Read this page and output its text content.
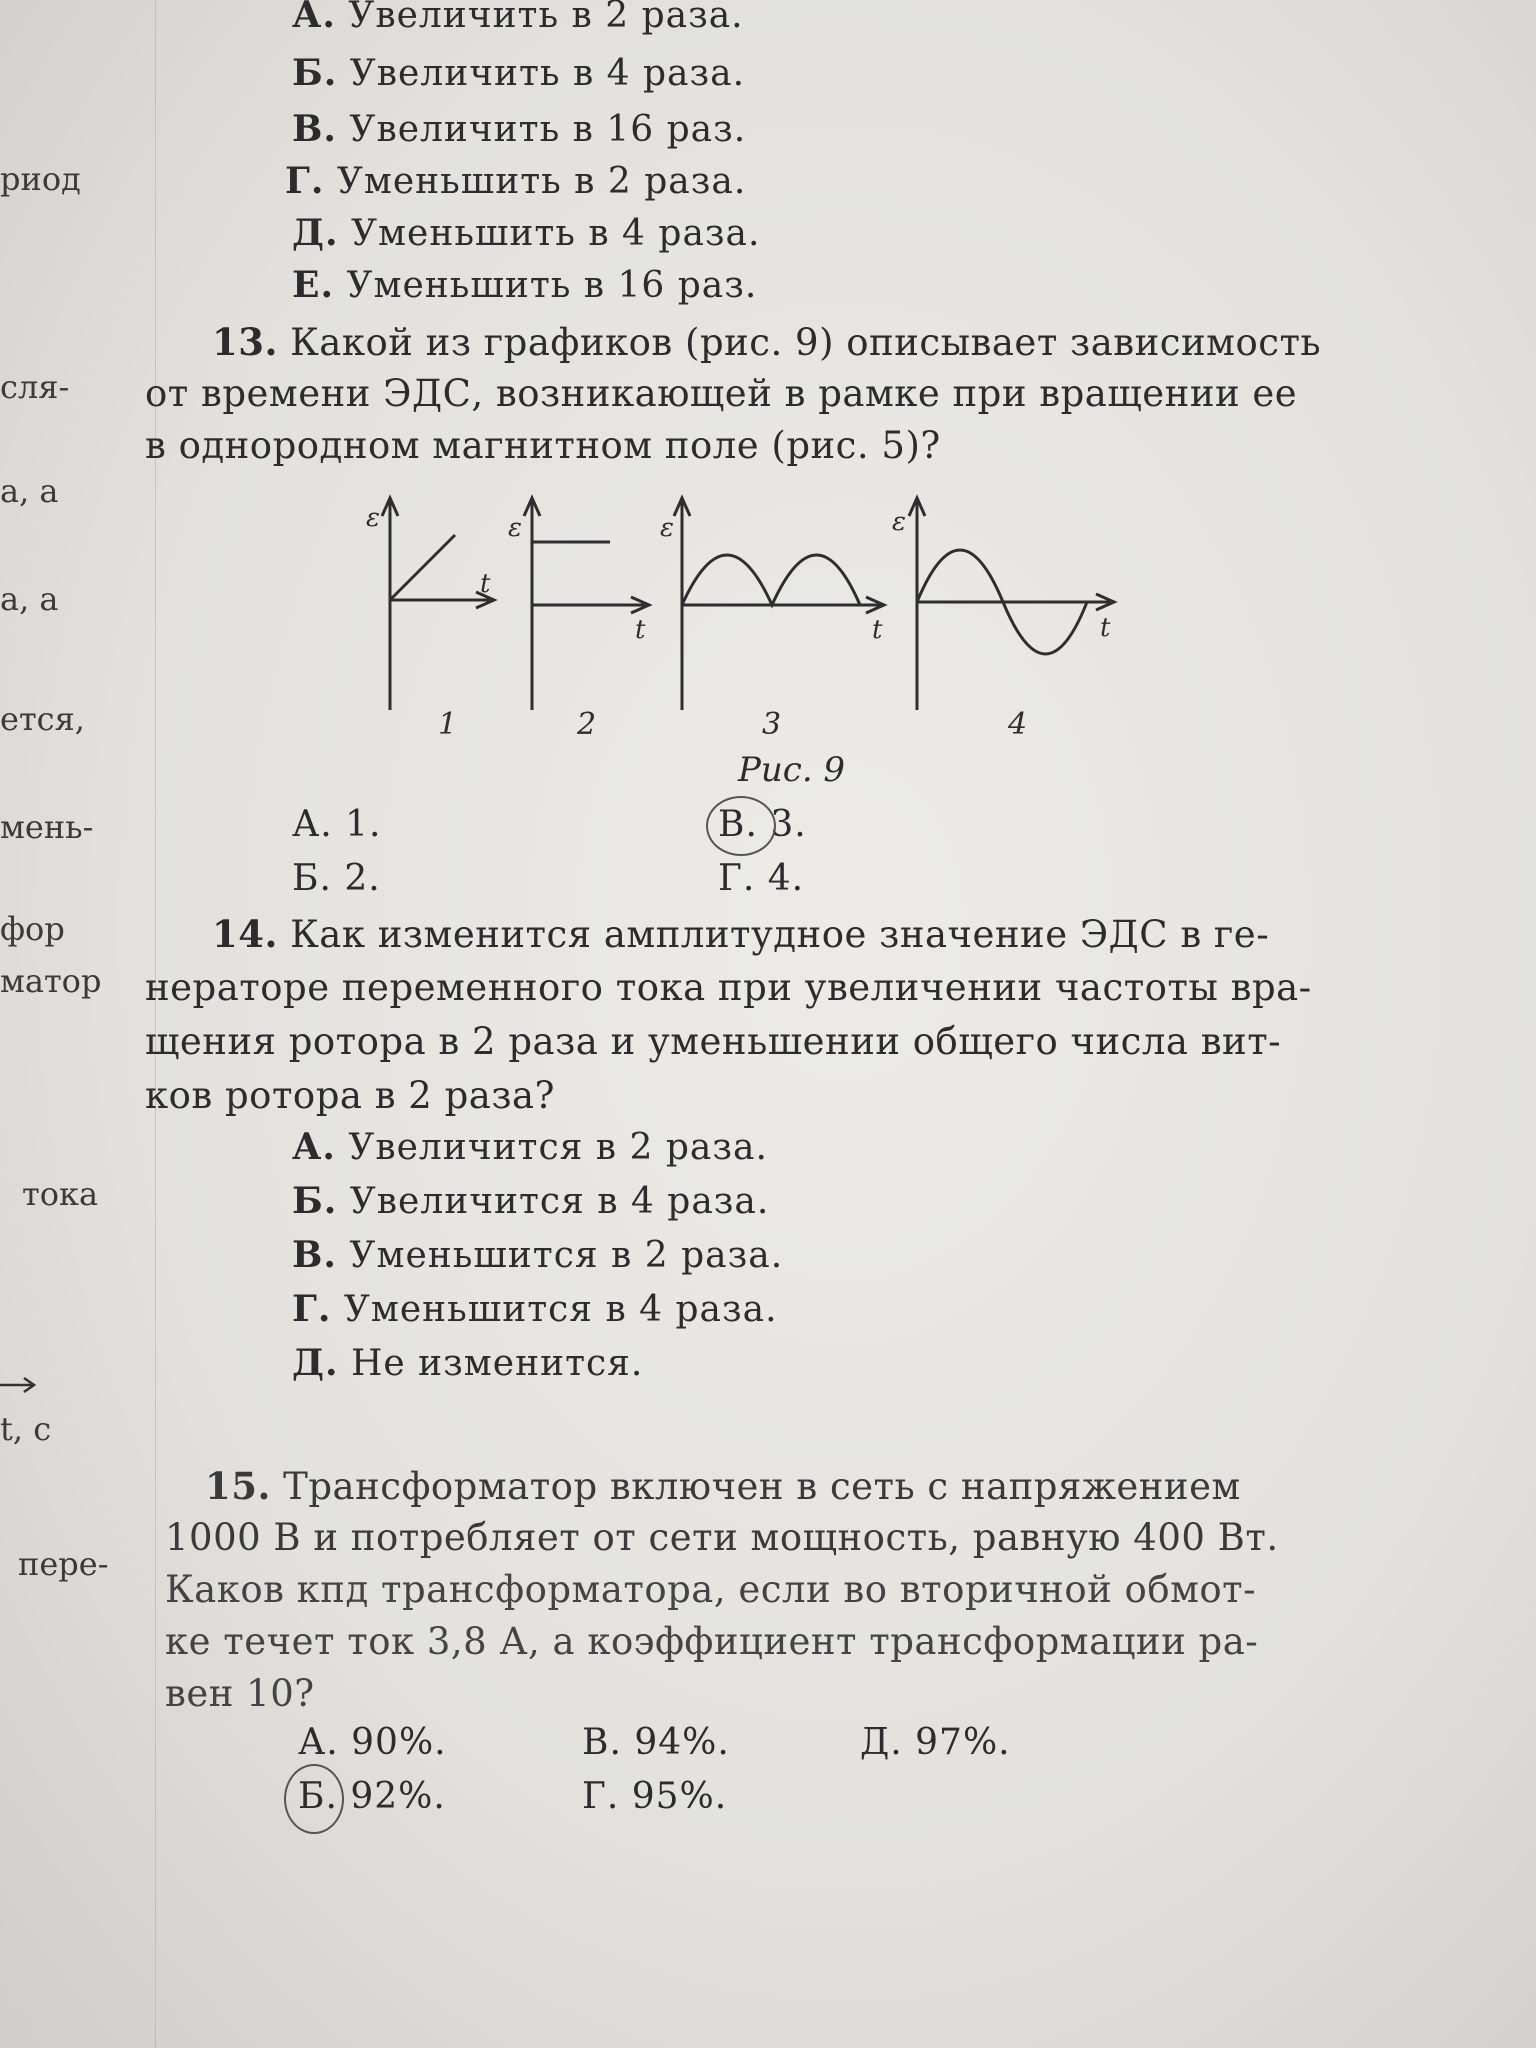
риод
сля-
а, а
а, а
ется,
мень-
фор
матор
тока
t, c
пере-
А. Увеличить в 2 раза.
Б. Увеличить в 4 раза.
В. Увеличить в 16 раз.
Г. Уменьшить в 2 раза.
Д. Уменьшить в 4 раза.
Е. Уменьшить в 16 раз.
13. Какой из графиков (рис. 9) описывает зависимость
от времени ЭДС, возникающей в рамке при вращении ее
в однородном магнитном поле (рис. 5)?
ε
t
ε
t
ε
t
ε
t
1	2	3	4
Рис. 9
А. 1.
Б. 2.
В. 3.
Г. 4.
14. Как изменится амплитудное значение ЭДС в ге-
нераторе переменного тока при увеличении частоты вра-
щения ротора в 2 раза и уменьшении общего числа вит-
ков ротора в 2 раза?
А. Увеличится в 2 раза.
Б. Увеличится в 4 раза.
В. Уменьшится в 2 раза.
Г. Уменьшится в 4 раза.
Д. Не изменится.
15. Трансформатор включен в сеть с напряжением
1000 В и потребляет от сети мощность, равную 400 Вт.
Каков кпд трансформатора, если во вторичной обмот-
ке течет ток 3,8 А, а коэффициент трансформации ра-
вен 10?
А. 90%.
Б. 92%.
В. 94%.
Г. 95%.
Д. 97%.
